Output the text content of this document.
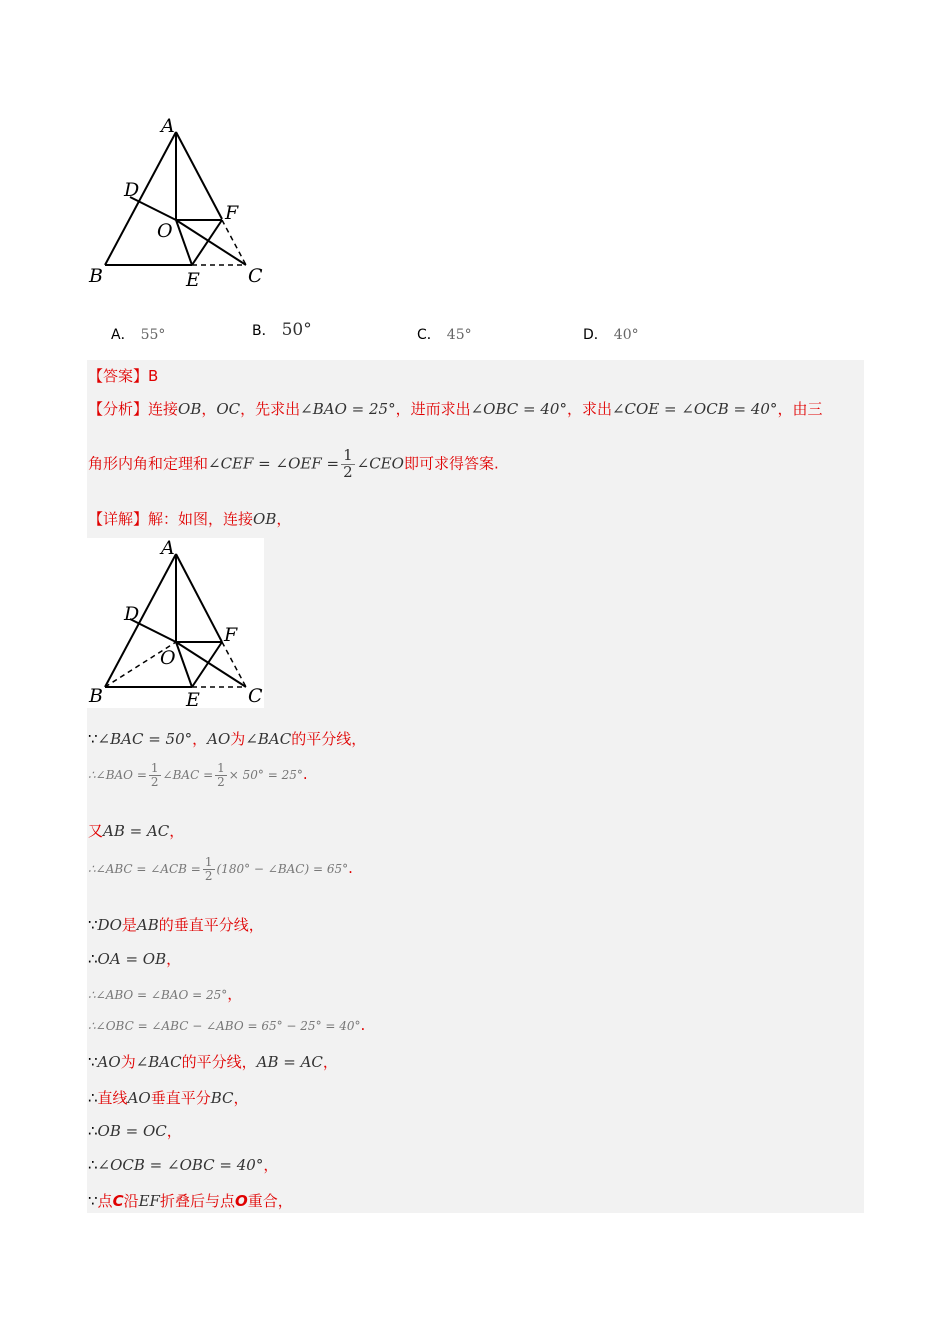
A
D
F
O
B	E	C
A． 55°	B． 50°	C． 45°	D． 40°
【答案】B
【分析】连接OB，OC，先求出∠BAO = 25°，进而求出∠OBC = 40°，求出∠COE = ∠OCB = 40°，由三
角形内角和定理和∠CEF = ∠OEF = $\frac{1}{2}$ ∠CEO即可求得答案.
【详解】解：如图，连接OB，
A
D
F
O
B	E	C
∵∠BAC = 50°，AO为∠BAC的平分线，
∴∠BAO = $\frac{1}{2}$ ∠BAC = $\frac{1}{2} \times 50^\circ = 25^\circ$.
又AB = AC，
∴∠ABC = ∠ACB = $\frac{1}{2} (180^\circ$ − ∠BAC) = 65°.
∵DO是AB的垂直平分线，
∴OA = OB，
∴∠ABO = ∠BAO = 25°，
∴∠OBC = ∠ABC − ∠ABO = 65° − 25° = 40°.
∵AO为∠BAC的平分线，AB = AC，
∴直线AO垂直平分BC，
∴OB = OC，
∴∠OCB = ∠OBC = 40°，
∵点C沿EF折叠后与点O重合，
